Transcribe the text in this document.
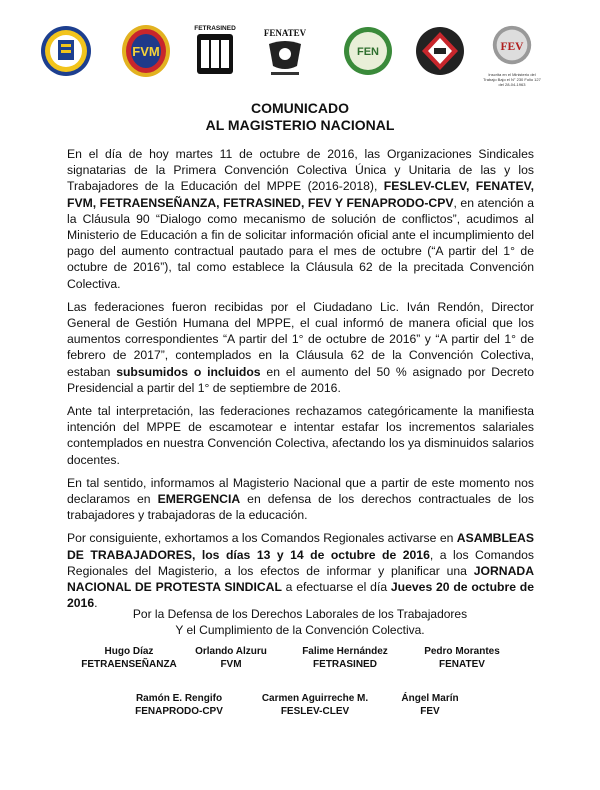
FVM
FETRASINED	FENATEV
FEN	FEV
Inscrita en el Ministerio del Trabajo Bajo el N° 230 Folio 127 del 28-04-1963
COMUNICADO
AL MAGISTERIO NACIONAL

En el día de hoy martes 11 de octubre de 2016, las Organizaciones Sindicales signatarias de la Primera Convención Colectiva Única y Unitaria de las y los Trabajadores de la Educación del MPPE (2016-2018), FESLEV-CLEV, FENATEV, FVM, FETRAENSEÑANZA, FETRASINED, FEV Y FENAPRODO-CPV, en atención a la Cláusula 90 “Dialogo como mecanismo de solución de conflictos”, acudimos al Ministerio de Educación a fin de solicitar información oficial ante el incumplimiento del pago del aumento contractual pautado para el mes de octubre (“A partir del 1° de octubre de 2016”), tal como establece la Cláusula 62 de la precitada Convención Colectiva.

Las federaciones fueron recibidas por el Ciudadano Lic. Iván Rendón, Director General de Gestión Humana del MPPE, el cual informó de manera oficial que los aumentos correspondientes “A partir del 1° de octubre de 2016” y “A partir del 1° de febrero de 2017”, contemplados en la Cláusula 62 de la Convención Colectiva, estaban subsumidos o incluidos en el aumento del 50 % asignado por Decreto Presidencial a partir del 1° de septiembre de 2016.

Ante tal interpretación, las federaciones rechazamos categóricamente la manifiesta intención del MPPE de escamotear e intentar estafar los incrementos salariales contemplados en nuestra Convención Colectiva, afectando los ya disminuidos salarios docentes.

En tal sentido, informamos al Magisterio Nacional que a partir de este momento nos declaramos en EMERGENCIA en defensa de los derechos contractuales de los trabajadores y trabajadoras de la educación.

Por consiguiente, exhortamos a los Comandos Regionales activarse en ASAMBLEAS DE TRABAJADORES, los días 13 y 14 de octubre de 2016, a los Comandos Regionales del Magisterio, a los efectos de informar y planificar una JORNADA NACIONAL DE PROTESTA SINDICAL a efectuarse el día Jueves 20 de octubre de 2016.

Por la Defensa de los Derechos Laborales de los Trabajadores
Y el Cumplimiento de la Convención Colectiva.
Hugo Díaz
FETRAENSEÑANZA
Orlando Alzuru
FVM
Falime Hernández
FETRASINED
Pedro Morantes
FENATEV
Ramón E. Rengifo
FENAPRODO-CPV
Carmen Aguirreche M.
FESLEV-CLEV
Ángel Marín
FEV
